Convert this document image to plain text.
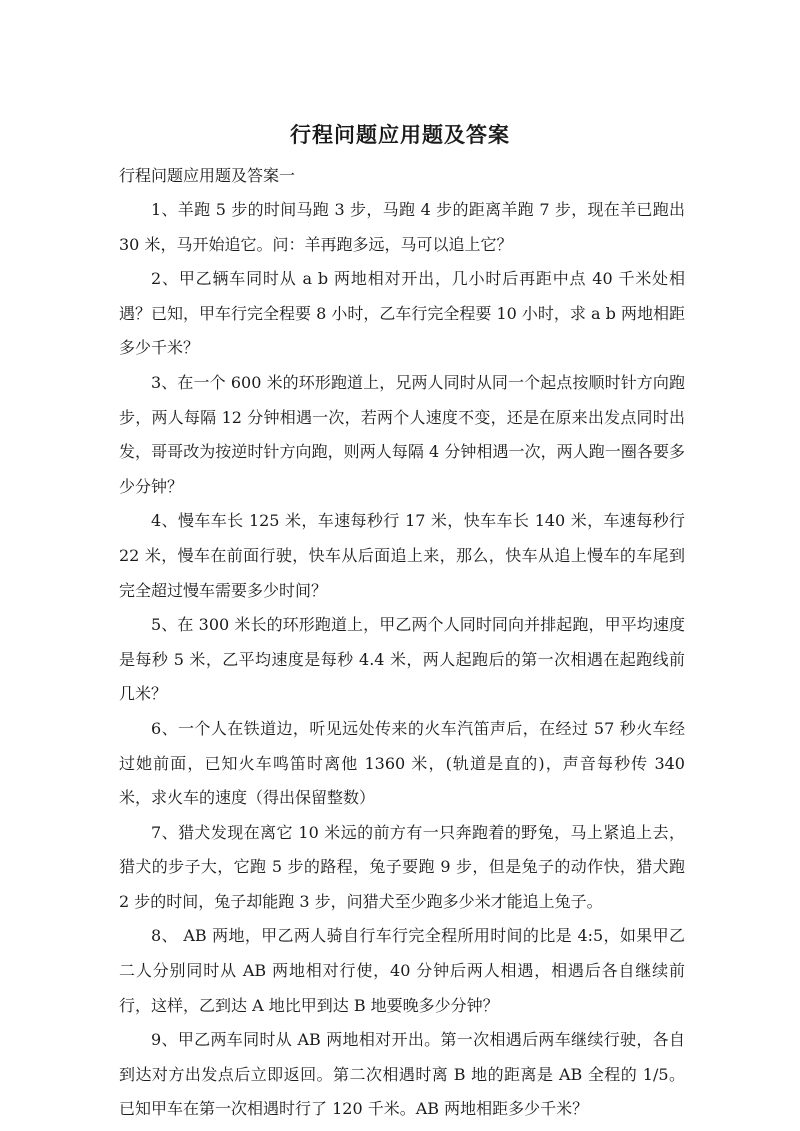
行程问题应用题及答案
行程问题应用题及答案一

1、羊跑 5 步的时间马跑 3 步，马跑 4 步的距离羊跑 7 步，现在羊已跑出 30 米，马开始追它。问：羊再跑多远，马可以追上它？

2、甲乙辆车同时从 a b 两地相对开出，几小时后再距中点 40 千米处相遇？已知，甲车行完全程要 8 小时，乙车行完全程要 10 小时，求 a b 两地相距多少千米？

3、在一个 600 米的环形跑道上，兄两人同时从同一个起点按顺时针方向跑步，两人每隔 12 分钟相遇一次，若两个人速度不变，还是在原来出发点同时出发，哥哥改为按逆时针方向跑，则两人每隔 4 分钟相遇一次，两人跑一圈各要多少分钟？

4、慢车车长 125 米，车速每秒行 17 米，快车车长 140 米，车速每秒行 22 米，慢车在前面行驶，快车从后面追上来，那么，快车从追上慢车的车尾到完全超过慢车需要多少时间？

5、在 300 米长的环形跑道上，甲乙两个人同时同向并排起跑，甲平均速度是每秒 5 米，乙平均速度是每秒 4.4 米，两人起跑后的第一次相遇在起跑线前几米？

6、一个人在铁道边，听见远处传来的火车汽笛声后，在经过 57 秒火车经过她前面，已知火车鸣笛时离他 1360 米，(轨道是直的)，声音每秒传 340 米，求火车的速度（得出保留整数）

7、猎犬发现在离它 10 米远的前方有一只奔跑着的野兔，马上紧追上去，猎犬的步子大，它跑 5 步的路程，兔子要跑 9 步，但是兔子的动作快，猎犬跑 2 步的时间，兔子却能跑 3 步，问猎犬至少跑多少米才能追上兔子。

8、 AB 两地，甲乙两人骑自行车行完全程所用时间的比是 4:5，如果甲乙二人分别同时从 AB 两地相对行使，40 分钟后两人相遇，相遇后各自继续前行，这样，乙到达 A 地比甲到达 B 地要晚多少分钟？

9、甲乙两车同时从 AB 两地相对开出。第一次相遇后两车继续行驶，各自到达对方出发点后立即返回。第二次相遇时离 B 地的距离是 AB 全程的 1/5。已知甲车在第一次相遇时行了 120 千米。AB 两地相距多少千米？
